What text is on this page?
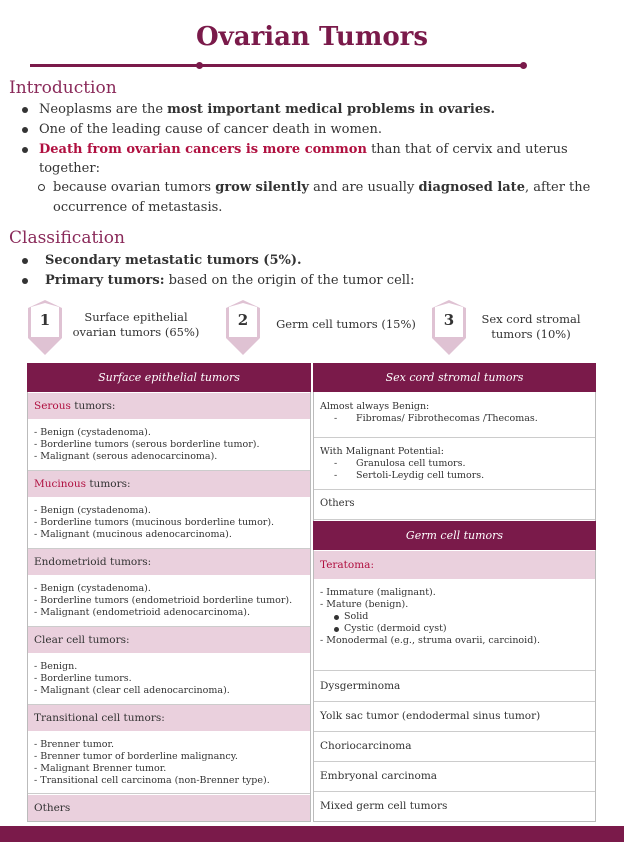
Ovarian Tumors
Introduction
Neoplasms are the most important medical problems in ovaries.
One of the leading cause of cancer death in women.
Death from ovarian cancers is more common than that of cervix and uterus
together:
because ovarian tumors grow silently and are usually diagnosed late, after the
occurrence of metastasis.
Classification
Secondary metastatic tumors (5%).
Primary tumors: based on the origin of the tumor cell:
1	Surface epithelial
ovarian tumors (65%)
2	Germ cell tumors (15%)	3	Sex cord stromal
tumors (10%)
Surface epithelial tumors
Serous tumors:
- Benign (cystadenoma).
- Borderline tumors (serous borderline tumor).
- Malignant (serous adenocarcinoma).
Mucinous tumors:
- Benign (cystadenoma).
- Borderline tumors (mucinous borderline tumor).
- Malignant (mucinous adenocarcinoma).
Endometrioid tumors:
- Benign (cystadenoma).
- Borderline tumors (endometrioid borderline tumor).
- Malignant (endometrioid adenocarcinoma).
Clear cell tumors:
- Benign.
- Borderline tumors.
- Malignant (clear cell adenocarcinoma).
Transitional cell tumors:
- Brenner tumor.
- Brenner tumor of borderline malignancy.
- Malignant Brenner tumor.
- Transitional cell carcinoma (non-Brenner type).
Others
Sex cord stromal tumors
Almost always Benign:
- Fibromas/ Fibrothecomas /Thecomas.
With Malignant Potential:
- Granulosa cell tumors.
- Sertoli-Leydig cell tumors.
Others
Germ cell tumors
Teratoma:
- Immature (malignant).
- Mature (benign).
Solid
Cystic (dermoid cyst)
- Monodermal (e.g., struma ovarii, carcinoid).
Dysgerminoma
Yolk sac tumor (endodermal sinus tumor)
Choriocarcinoma
Embryonal carcinoma
Mixed germ cell tumors
